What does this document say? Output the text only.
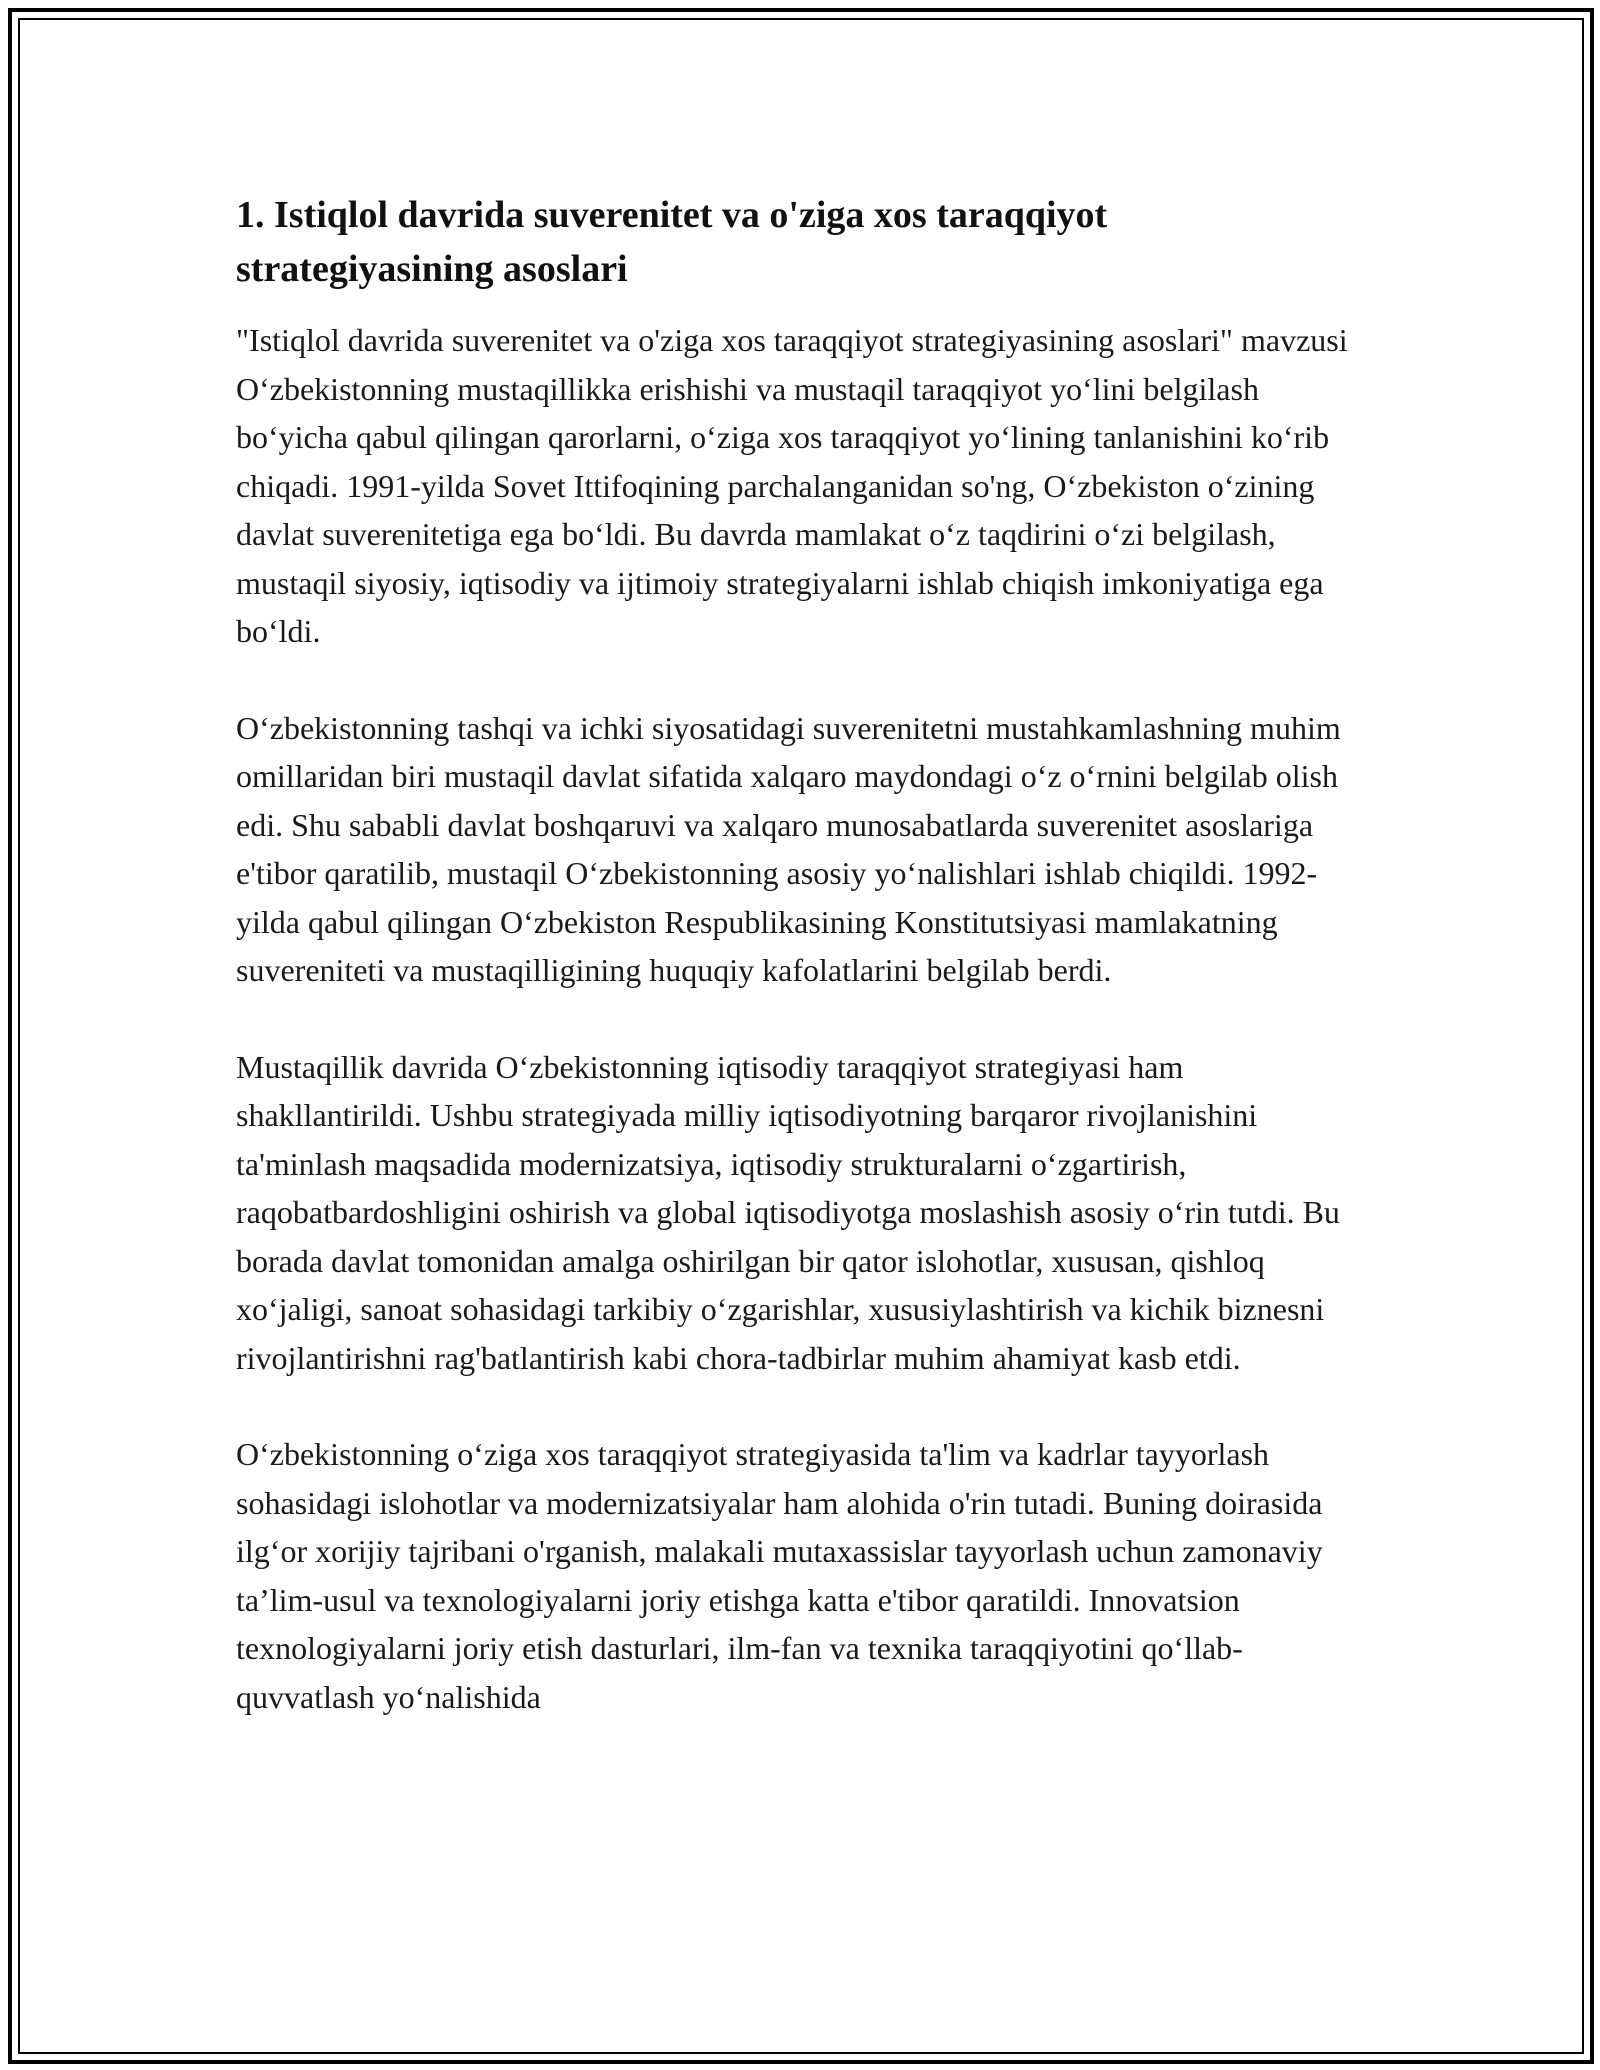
1. Istiqlol davrida suverenitet va o'ziga xos taraqqiyot strategiyasining asoslari

"Istiqlol davrida suverenitet va o'ziga xos taraqqiyot strategiyasining asoslari" mavzusi O‘zbekistonning mustaqillikka erishishi va mustaqil taraqqiyot yo‘lini belgilash bo‘yicha qabul qilingan qarorlarni, o‘ziga xos taraqqiyot yo‘lining tanlanishini ko‘rib chiqadi. 1991-yilda Sovet Ittifoqining parchalanganidan so'ng, O‘zbekiston o‘zining davlat suverenitetiga ega bo‘ldi. Bu davrda mamlakat o‘z taqdirini o‘zi belgilash, mustaqil siyosiy, iqtisodiy va ijtimoiy strategiyalarni ishlab chiqish imkoniyatiga ega bo‘ldi.

O‘zbekistonning tashqi va ichki siyosatidagi suverenitetni mustahkamlashning muhim omillaridan biri mustaqil davlat sifatida xalqaro maydondagi o‘z o‘rnini belgilab olish edi. Shu sababli davlat boshqaruvi va xalqaro munosabatlarda suverenitet asoslariga e'tibor qaratilib, mustaqil O‘zbekistonning asosiy yo‘nalishlari ishlab chiqildi. 1992-yilda qabul qilingan O‘zbekiston Respublikasining Konstitutsiyasi mamlakatning suvereniteti va mustaqilligining huquqiy kafolatlarini belgilab berdi.

Mustaqillik davrida O‘zbekistonning iqtisodiy taraqqiyot strategiyasi ham shakllantirildi. Ushbu strategiyada milliy iqtisodiyotning barqaror rivojlanishini ta'minlash maqsadida modernizatsiya, iqtisodiy strukturalarni o‘zgartirish, raqobatbardoshligini oshirish va global iqtisodiyotga moslashish asosiy o‘rin tutdi. Bu borada davlat tomonidan amalga oshirilgan bir qator islohotlar, xususan, qishloq xo‘jaligi, sanoat sohasidagi tarkibiy o‘zgarishlar, xususiylashtirish va kichik biznesni rivojlantirishni rag'batlantirish kabi chora-tadbirlar muhim ahamiyat kasb etdi.

O‘zbekistonning o‘ziga xos taraqqiyot strategiyasida ta'lim va kadrlar tayyorlash sohasidagi islohotlar va modernizatsiyalar ham alohida o'rin tutadi. Buning doirasida ilg‘or xorijiy tajribani o'rganish, malakali mutaxassislar tayyorlash uchun zamonaviy ta’lim-usul va texnologiyalarni joriy etishga katta e'tibor qaratildi. Innovatsion texnologiyalarni joriy etish dasturlari, ilm-fan va texnika taraqqiyotini qo‘llab-quvvatlash yo‘nalishida
